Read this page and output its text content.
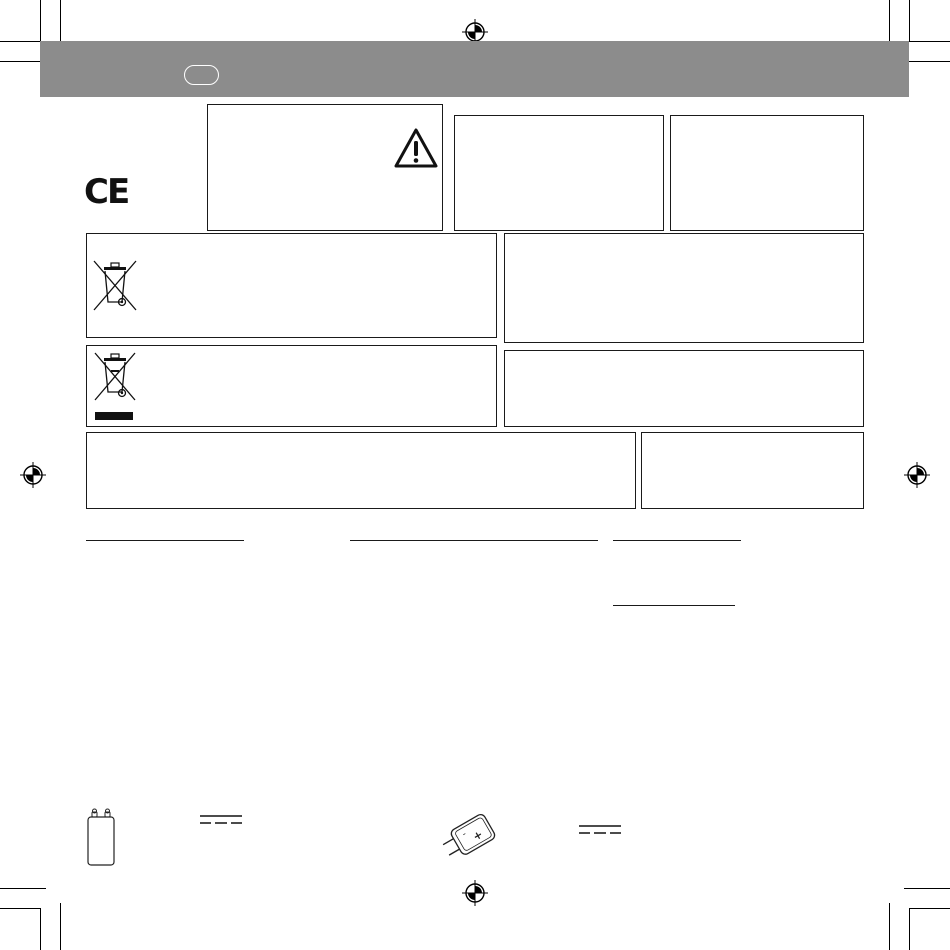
CE
- +
